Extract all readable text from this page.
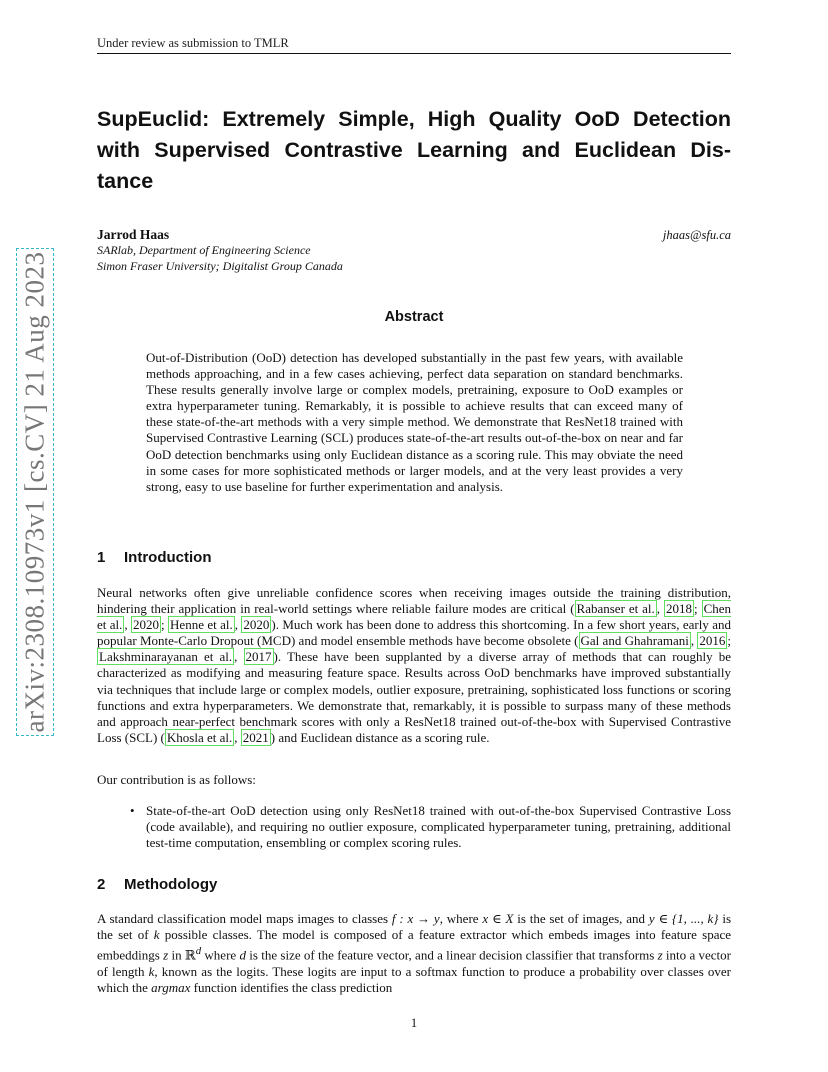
Under review as submission to TMLR
arXiv:2308.10973v1 [cs.CV] 21 Aug 2023
SupEuclid: Extremely Simple, High Quality OoD Detection
with Supervised Contrastive Learning and Euclidean Dis-
tance
Jarrod Haas	jhaas@sfu.ca
SARlab, Department of Engineering Science
Simon Fraser University; Digitalist Group Canada
Abstract

Out-of-Distribution (OoD) detection has developed substantially in the past few years, with available methods approaching, and in a few cases achieving, perfect data separation on standard benchmarks. These results generally involve large or complex models, pretraining, exposure to OoD examples or extra hyperparameter tuning. Remarkably, it is possible to achieve results that can exceed many of these state-of-the-art methods with a very simple method. We demonstrate that ResNet18 trained with Supervised Contrastive Learning (SCL) produces state-of-the-art results out-of-the-box on near and far OoD detection benchmarks using only Euclidean distance as a scoring rule. This may obviate the need in some cases for more sophisticated methods or larger models, and at the very least provides a very strong, easy to use baseline for further experimentation and analysis.

1 Introduction

Neural networks often give unreliable confidence scores when receiving images outside the training distribution, hindering their application in real-world settings where reliable failure modes are critical ( Rabanser et al. , 2018 ; Chen et al. , 2020 ; Henne et al. , 2020 ). Much work has been done to address this shortcoming. In a few short years, early and popular Monte-Carlo Dropout (MCD) and model ensemble methods have become obsolete ( Gal and Ghahramani , 2016 ; Lakshminarayanan et al. , 2017 ). These have been supplanted by a diverse array of methods that can roughly be characterized as modifying and measuring feature space. Results across OoD benchmarks have improved substantially via techniques that include large or complex models, outlier exposure, pretraining, sophisticated loss functions or scoring functions and extra hyperparameters. We demonstrate that, remarkably, it is possible to surpass many of these methods and approach near-perfect benchmark scores with only a ResNet18 trained out-of-the-box with Supervised Contrastive Loss (SCL) ( Khosla et al. , 2021 ) and Euclidean distance as a scoring rule.

Our contribution is as follows:

• State-of-the-art OoD detection using only ResNet18 trained with out-of-the-box Supervised Contrastive Loss (code available), and requiring no outlier exposure, complicated hyperparameter tuning, pretraining, additional test-time computation, ensembling or complex scoring rules.
2 Methodology

A standard classification model maps images to classes f : x → y, where x ∈ X is the set of images, and y ∈ {1, ..., k} is the set of k possible classes. The model is composed of a feature extractor which embeds images into feature space embeddings z in ℝ$^d$ where d is the size of the feature vector, and a linear decision classifier that transforms z into a vector of length k, known as the logits. These logits are input to a softmax function to produce a probability over classes over which the argmax function identifies the class prediction

1
